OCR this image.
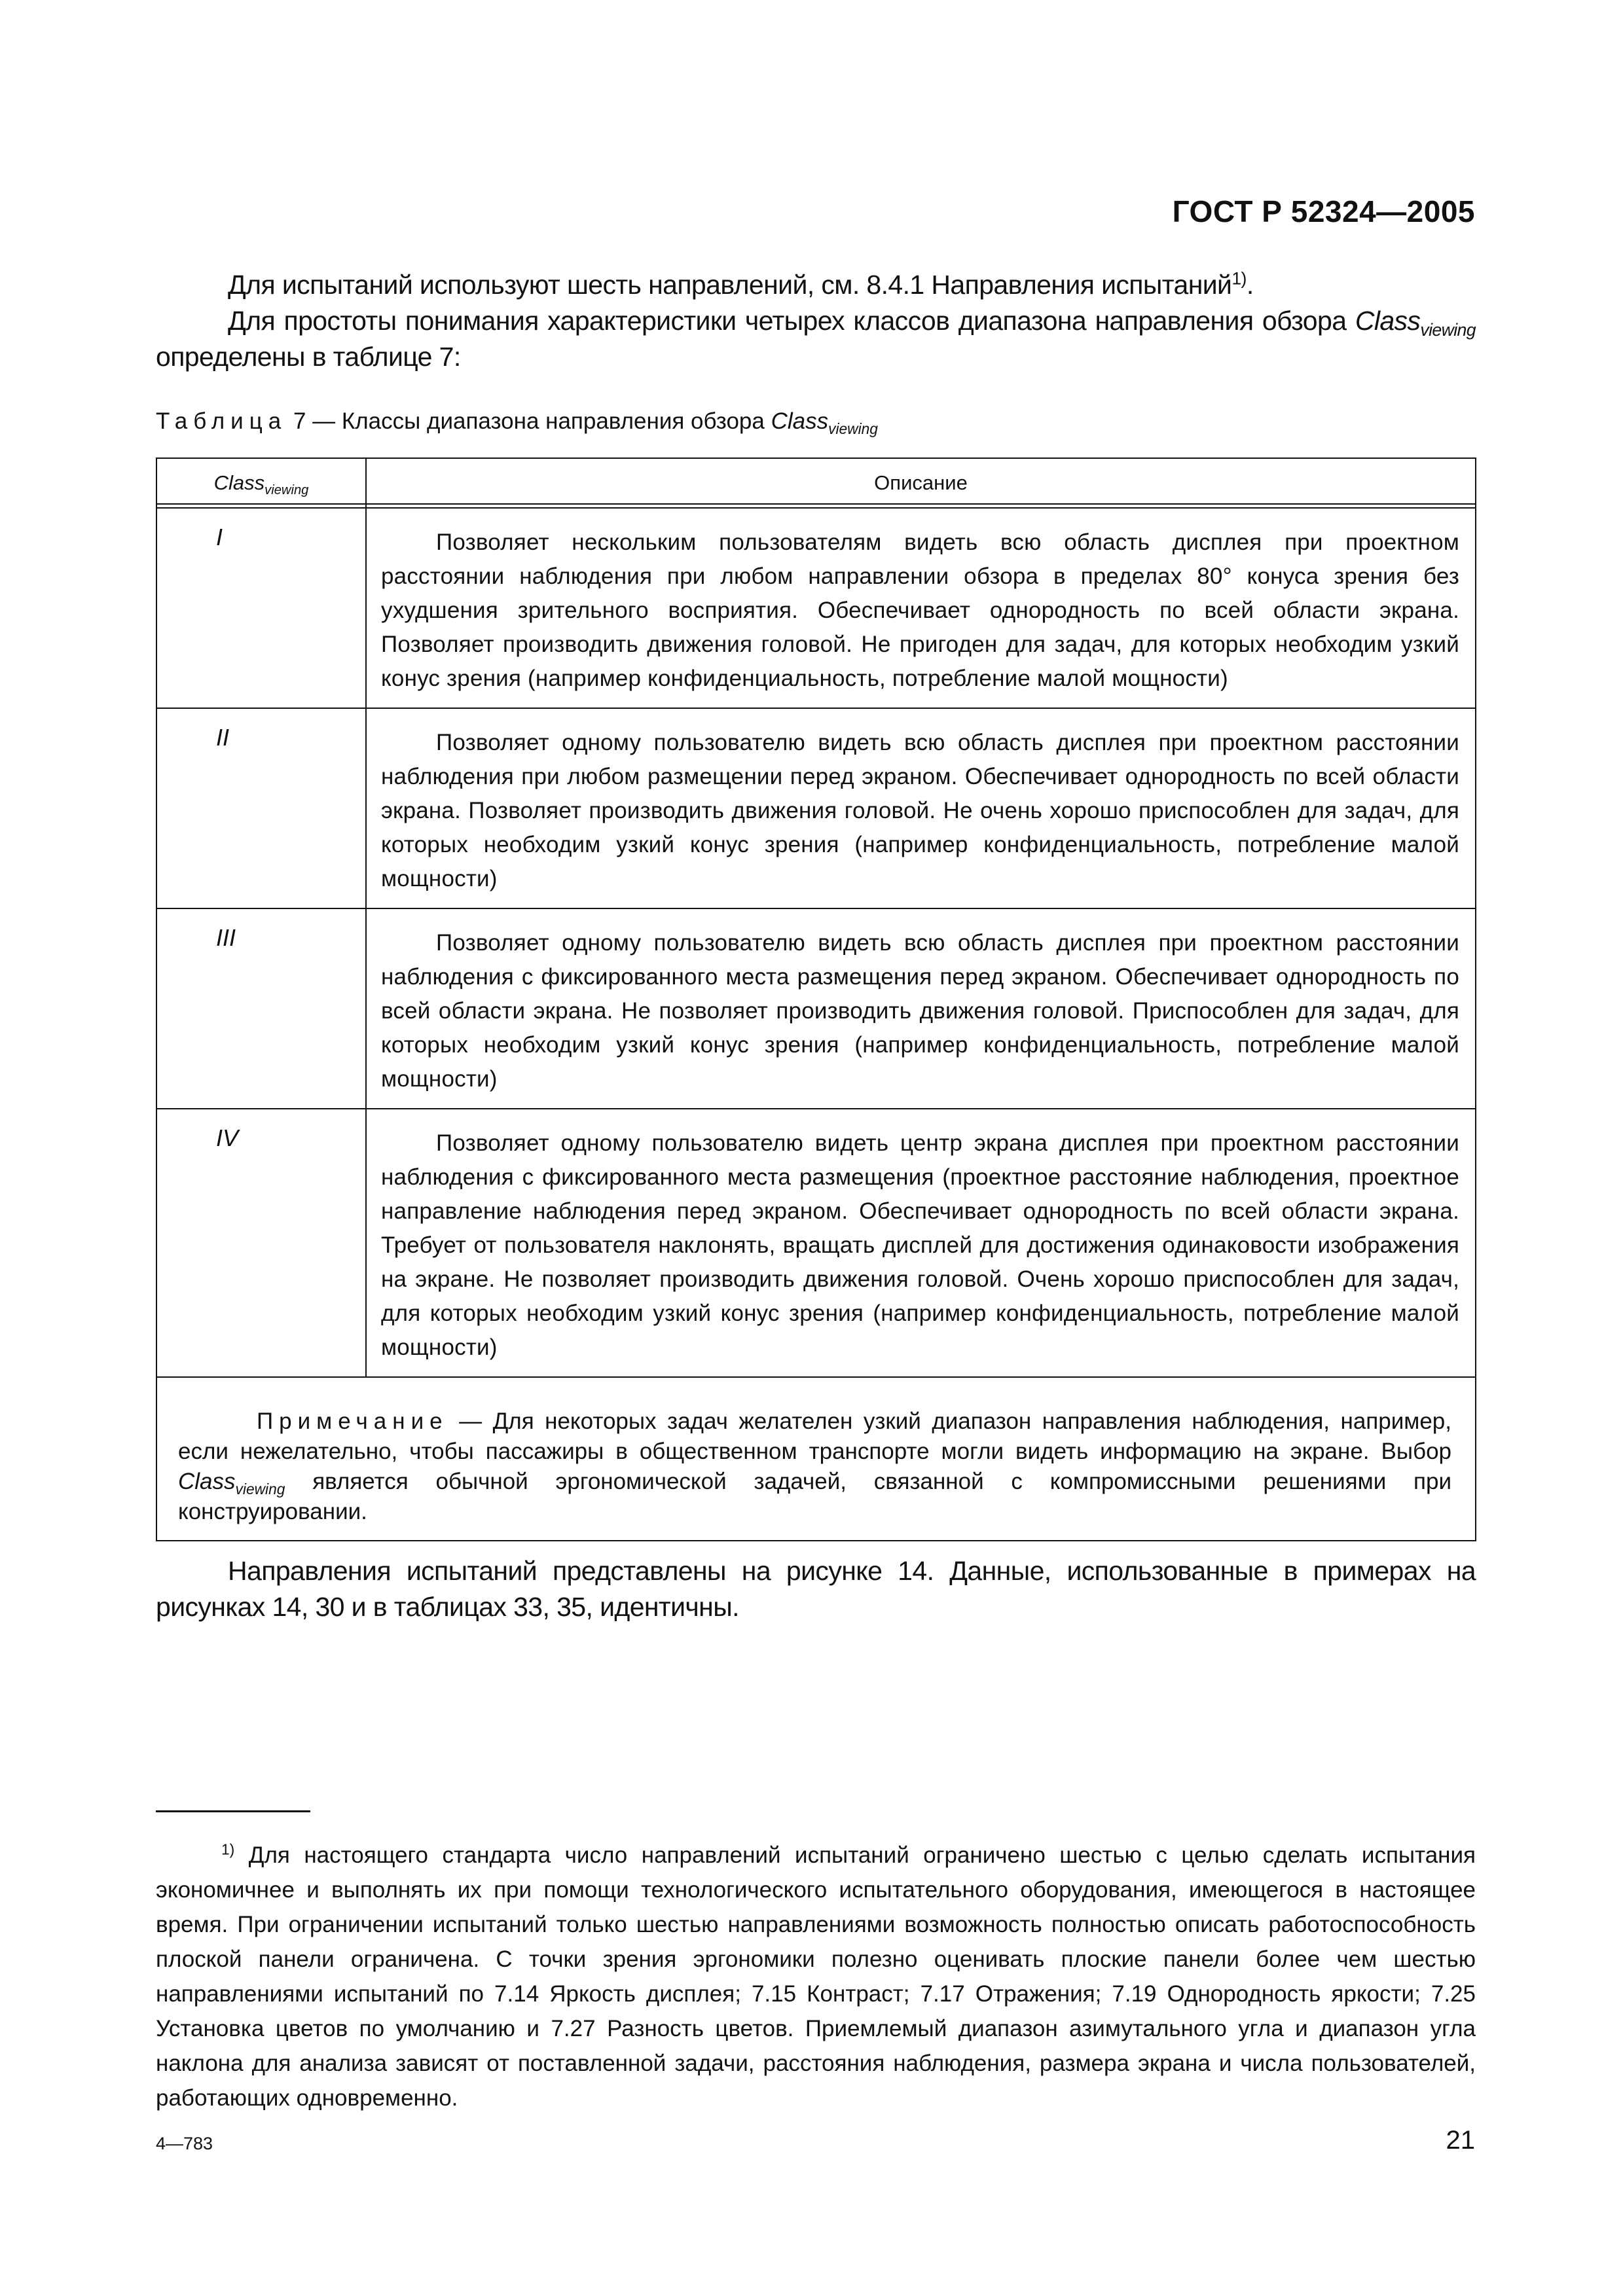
ГОСТ Р 52324—2005

Для испытаний используют шесть направлений, см. 8.4.1 Направления испытаний$^{1)}$.

Для простоты понимания характеристики четырех классов диапазона направления обзора Class$_{viewing}$ определены в таблице 7:

Таблица 7 — Классы диапазона направления обзора Class$_{viewing}$
Class$_{viewing}$	Описание
I	Позволяет нескольким пользователям видеть всю область дисплея при проектном расстоянии наблюдения при любом направлении обзора в пределах 80° конуса зрения без ухудшения зрительного восприятия. Обеспечивает однородность по всей области экрана. Позволяет производить движения головой. Не пригоден для задач, для которых необходим узкий конус зрения (например конфиденциальность, потребление малой мощности)
II	Позволяет одному пользователю видеть всю область дисплея при проектном расстоянии наблюдения при любом размещении перед экраном. Обеспечивает однородность по всей области экрана. Позволяет производить движения головой. Не очень хорошо приспособлен для задач, для которых необходим узкий конус зрения (например конфиденциальность, потребление малой мощности)
III	Позволяет одному пользователю видеть всю область дисплея при проектном расстоянии наблюдения с фиксированного места размещения перед экраном. Обеспечивает однородность по всей области экрана. Не позволяет производить движения головой. Приспособлен для задач, для которых необходим узкий конус зрения (например конфиденциальность, потребление малой мощности)
IV	Позволяет одному пользователю видеть центр экрана дисплея при проектном расстоянии наблюдения с фиксированного места размещения (проектное расстояние наблюдения, проектное направление наблюдения перед экраном. Обеспечивает однородность по всей области экрана. Требует от пользователя наклонять, вращать дисплей для достижения одинаковости изображения на экране. Не позволяет производить движения головой. Очень хорошо приспособлен для задач, для которых необходим узкий конус зрения (например конфиденциальность, потребление малой мощности)
Примечание — Для некоторых задач желателен узкий диапазон направления наблюдения, например, если нежелательно, чтобы пассажиры в общественном транспорте могли видеть информацию на экране. Выбор Class$_{viewing}$ является обычной эргономической задачей, связанной с компромиссными решениями при конструировании.	
Направления испытаний представлены на рисунке 14. Данные, использованные в примерах на рисунках 14, 30 и в таблицах 33, 35, идентичны.
$^{1)}$ Для настоящего стандарта число направлений испытаний ограничено шестью с целью сделать испытания экономичнее и выполнять их при помощи технологического испытательного оборудования, имеющегося в настоящее время. При ограничении испытаний только шестью направлениями возможность полностью описать работоспособность плоской панели ограничена. С точки зрения эргономики полезно оценивать плоские панели более чем шестью направлениями испытаний по 7.14 Яркость дисплея; 7.15 Контраст; 7.17 Отражения; 7.19 Однородность яркости; 7.25 Установка цветов по умолчанию и 7.27 Разность цветов. Приемлемый диапазон азимутального угла и диапазон угла наклона для анализа зависят от поставленной задачи, расстояния наблюдения, размера экрана и числа пользователей, работающих одновременно.
4—783	21
